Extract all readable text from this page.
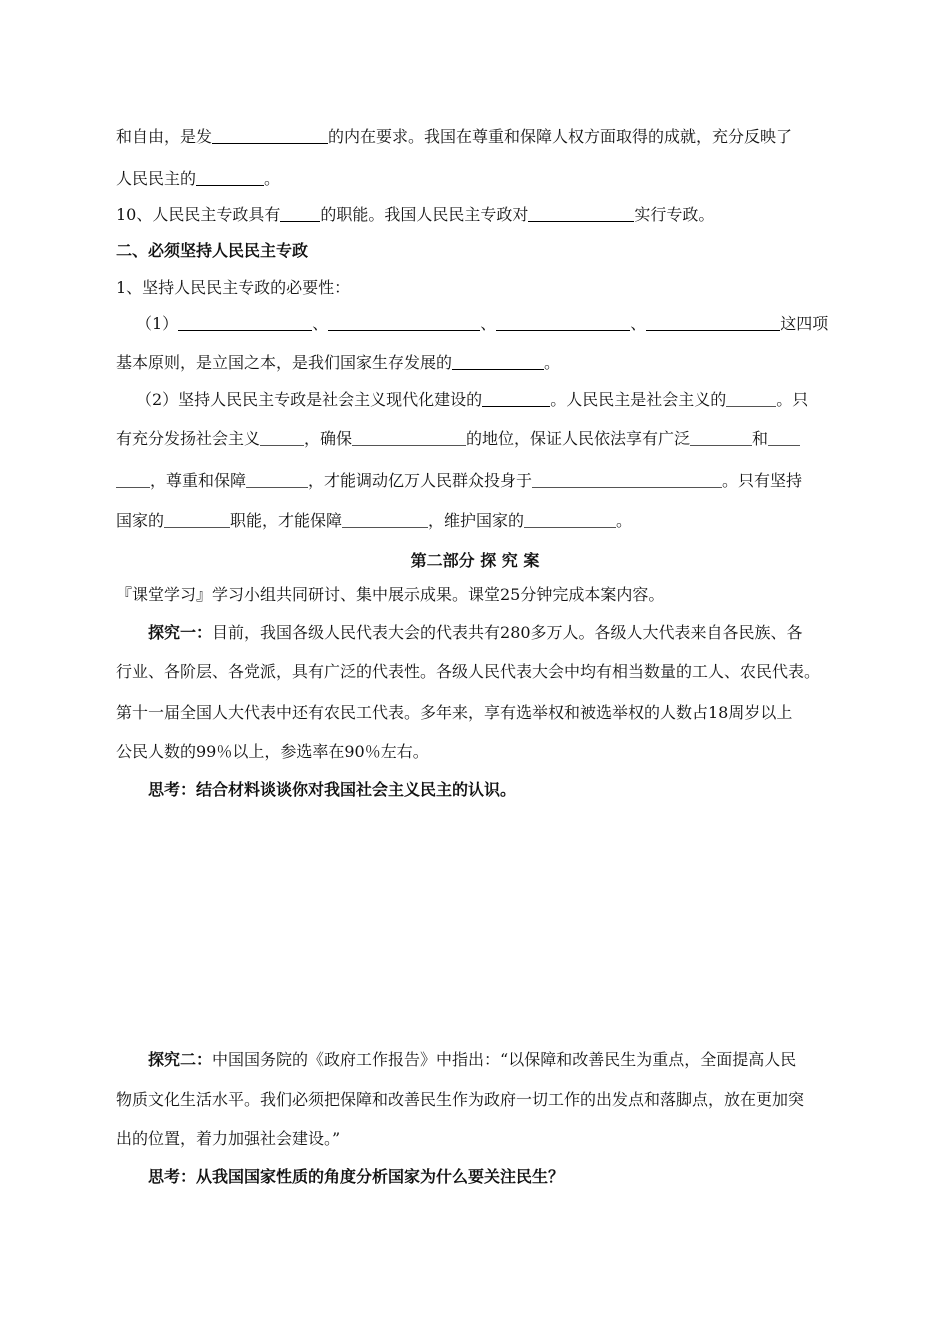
和自由，是发	的内在要求。我国在尊重和保障人权方面取得的成就，充分反映了
人民民主的	。
10、人民民主专政具有	的职能。我国人民民主专政对	实行专政。
二、必须坚持人民民主专政
1、坚持人民民主专政的必要性：
（1）	、	、	、	这四项
基本原则，是立国之本，是我们国家生存发展的	。
（2）坚持人民民主专政是社会主义现代化建设的	。人民民主是社会主义的	。只
有充分发扬社会主义	，确保	的地位，保证人民依法享有广泛	和
，尊重和保障	，才能调动亿万人民群众投身于	。只有坚持
国家的	职能，才能保障	，维护国家的	。
第二部分 探 究 案
『课堂学习』学习小组共同研讨、集中展示成果。课堂25分钟完成本案内容。
探究一：目前，我国各级人民代表大会的代表共有280多万人。各级人大代表来自各民族、各
行业、各阶层、各党派，具有广泛的代表性。各级人民代表大会中均有相当数量的工人、农民代表。
第十一届全国人大代表中还有农民工代表。多年来，享有选举权和被选举权的人数占18周岁以上
公民人数的99％以上，参选率在90％左右。
思考：结合材料谈谈你对我国社会主义民主的认识。
探究二：中国国务院的《政府工作报告》中指出：“以保障和改善民生为重点，全面提高人民
物质文化生活水平。我们必须把保障和改善民生作为政府一切工作的出发点和落脚点，放在更加突
出的位置，着力加强社会建设。”
思考：从我国国家性质的角度分析国家为什么要关注民生？
